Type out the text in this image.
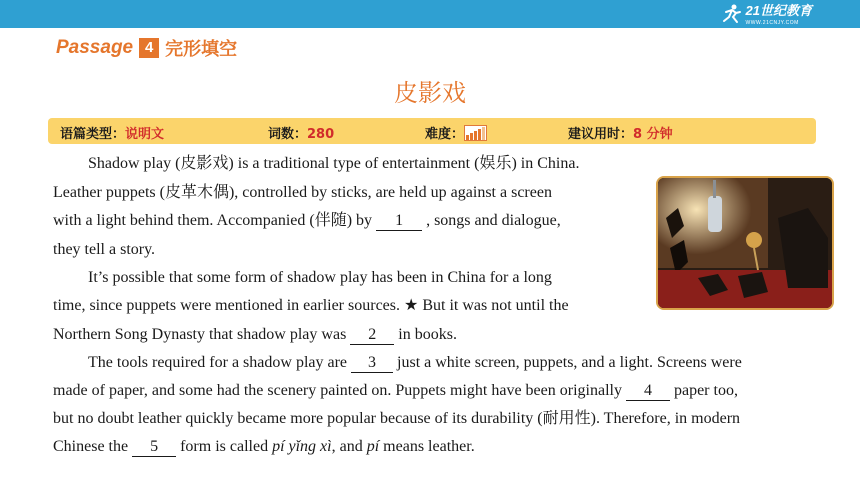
21世纪教育
WWW.21CNJY.COM
Passage 4 完形填空
皮影戏
语篇类型：说明文	词数：280	难度：	建议用时：8 分钟
Shadow play (皮影戏) is a traditional type of entertainment (娱乐) in China.
Leather puppets (皮革木偶), controlled by sticks, are held up against a screen
with a light behind them. Accompanied (伴随) by 1 , songs and dialogue,
they tell a story.
It’s possible that some form of shadow play has been in China for a long
time, since puppets were mentioned in earlier sources. ★ But it was not until the
Northern Song Dynasty that shadow play was 2 in books.
The tools required for a shadow play are 3 just a white screen, puppets, and a light. Screens were
made of paper, and some had the scenery painted on. Puppets might have been originally 4 paper too,
but no doubt leather quickly became more popular because of its durability (耐用性). Therefore, in modern
Chinese the 5 form is called pí yǐng xì, and pí means leather.
